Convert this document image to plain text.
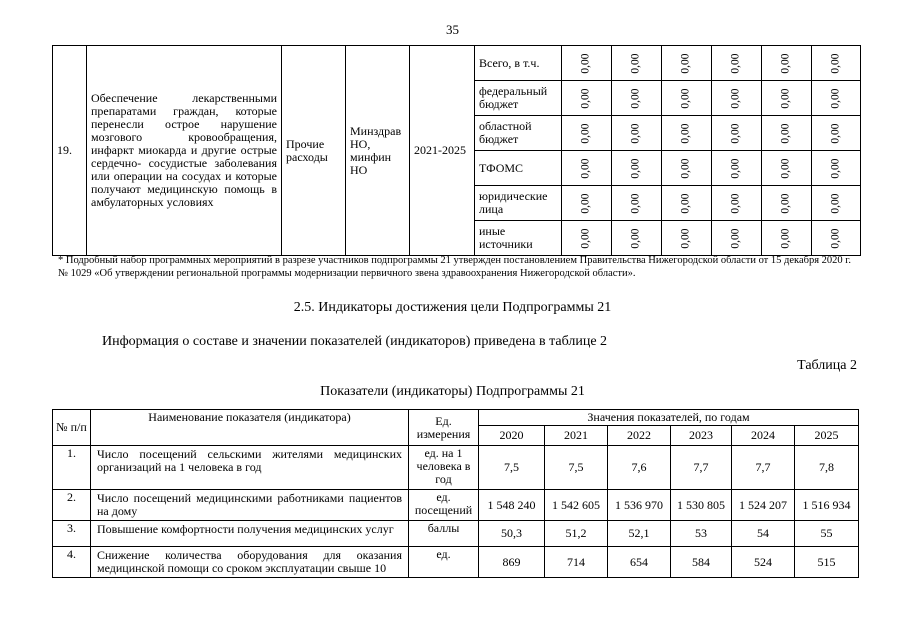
35
19.	Обеспечение лекарственными препаратами граждан, которые перенесли острое нарушение мозгового кровообращения, инфаркт миокарда и другие острые сердечно- сосудистые заболевания или операции на сосудах и которые получают медицинскую помощь в амбулаторных условиях	Прочие расходы	Минздрав НО, минфин НО	2021-2025	Всего, в т.ч.	0,00	0,00	0,00	0,00	0,00	0,00
					федеральный бюджет	0,00	0,00	0,00	0,00	0,00	0,00
					областной бюджет	0,00	0,00	0,00	0,00	0,00	0,00
					ТФОМС	0,00	0,00	0,00	0,00	0,00	0,00
					юридические лица	0,00	0,00	0,00	0,00	0,00	0,00
					иные источники	0,00	0,00	0,00	0,00	0,00	0,00
* Подробный набор программных мероприятий в разрезе участников подпрограммы 21 утвержден постановлением Правительства Нижегородской области от 15 декабря 2020 г. № 1029 «Об утверждении региональной программы модернизации первичного звена здравоохранения Нижегородской области».
2.5. Индикаторы достижения цели Подпрограммы 21
Информация о составе и значении показателей (индикаторов) приведена в таблице 2
Таблица 2
Показатели (индикаторы) Подпрограммы 21
№ п/п	Наименование показателя (индикатора)	Ед. измерения	Значения показателей, по годам					
			2020	2021	2022	2023	2024	2025
1.	Число посещений сельскими жителями медицинских организаций на 1 человека в год	ед. на 1 человека в год	7,5	7,5	7,6	7,7	7,7	7,8
2.	Число посещений медицинскими работниками пациентов на дому	ед. посещений	1 548 240	1 542 605	1 536 970	1 530 805	1 524 207	1 516 934
3.	Повышение комфортности получения медицинских услуг	баллы	50,3	51,2	52,1	53	54	55
4.	Снижение количества оборудования для оказания медицинской помощи со сроком эксплуатации свыше 10	ед.	869	714	654	584	524	515
